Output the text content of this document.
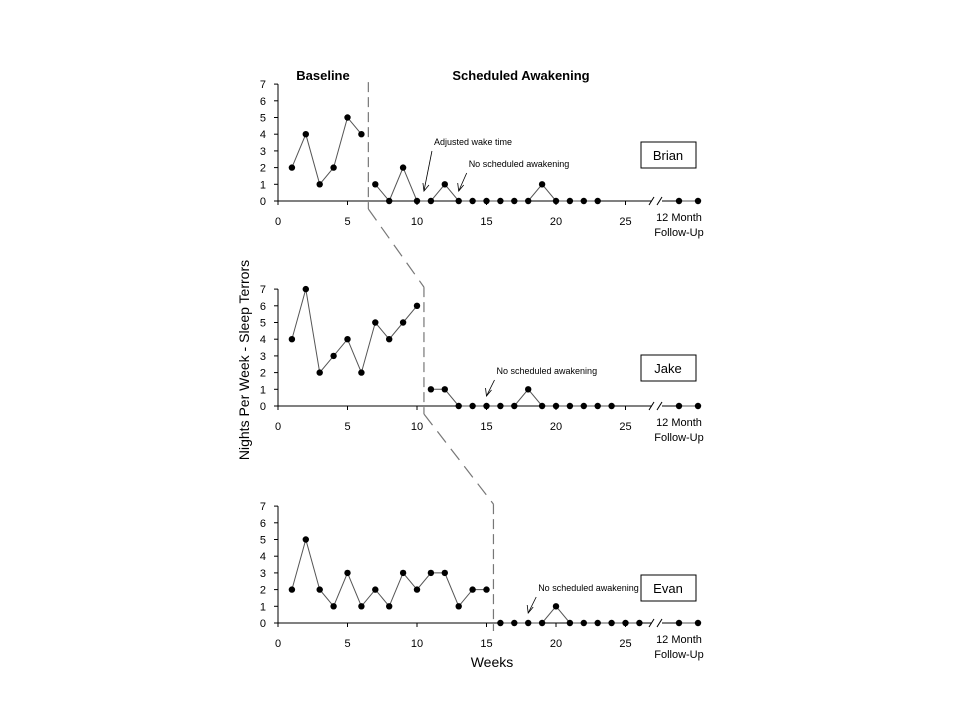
Baseline	Scheduled Awakening
Nights Per Week - Sleep Terrors
Weeks
0
1
2
3
4
5
6
7
0	5	10	15	20	25 12 Month
Follow-Up
Adjusted wake time
No scheduled awakening
Brian
0
1
2
3
4
5
6
7
0	5	10	15	20	25 12 Month
Follow-Up
No scheduled awakening	Jake
0
1
2
3
4
5
6
7
0	5	10	15	20	25 12 Month
Follow-Up
No scheduled awakening Evan
